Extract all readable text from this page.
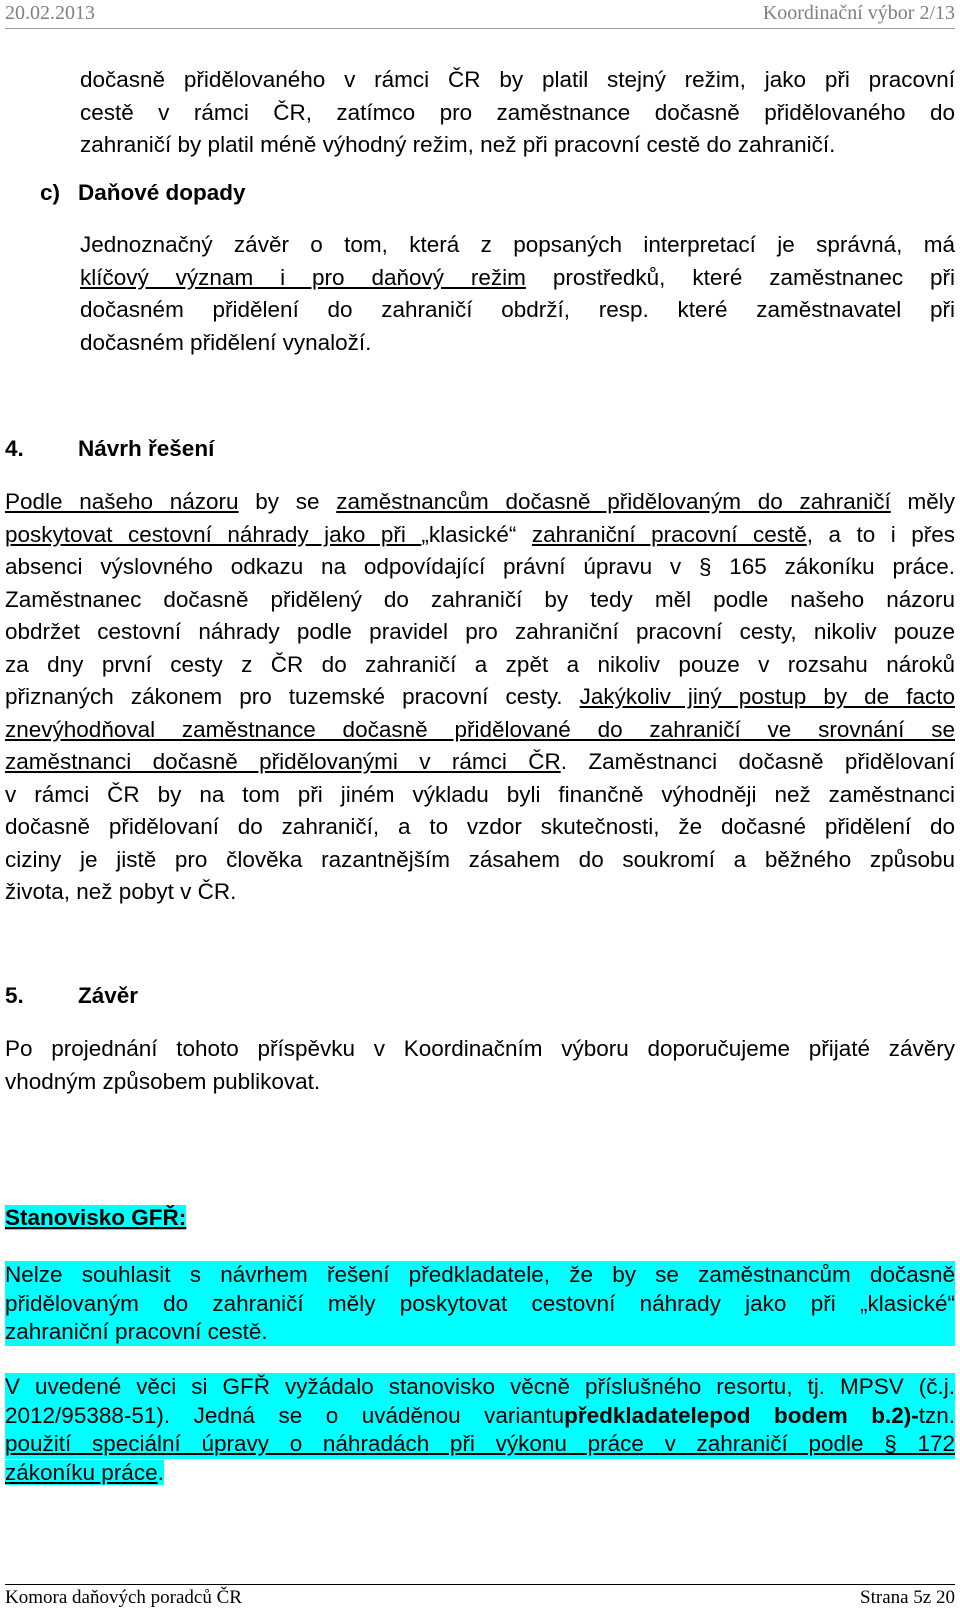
20.02.2013	Koordinační výbor 2/13

dočasně přidělovaného v rámci ČR by platil stejný režim, jako při pracovní

cestě v rámci ČR, zatímco pro zaměstnance dočasně přidělovaného do

zahraničí by platil méně výhodný režim, než při pracovní cestě do zahraničí.

c) Daňové dopady

Jednoznačný závěr o tom, která z popsaných interpretací je správná, má

klíčový význam i pro daňový režim prostředků, které zaměstnanec při

dočasném přidělení do zahraničí obdrží, resp. které zaměstnavatel při

dočasném přidělení vynaloží.

4. Návrh řešení

Podle našeho názoru by se zaměstnancům dočasně přidělovaným do zahraničí měly

poskytovat cestovní náhrady jako při „klasické“ zahraniční pracovní cestě, a to i přes

absenci výslovného odkazu na odpovídající právní úpravu v § 165 zákoníku práce.

Zaměstnanec dočasně přidělený do zahraničí by tedy měl podle našeho názoru

obdržet cestovní náhrady podle pravidel pro zahraniční pracovní cesty, nikoliv pouze

za dny první cesty z ČR do zahraničí a zpět a nikoliv pouze v rozsahu nároků

přiznaných zákonem pro tuzemské pracovní cesty. Jakýkoliv jiný postup by de facto

znevýhodňoval zaměstnance dočasně přidělované do zahraničí ve srovnání se

zaměstnanci dočasně přidělovanými v rámci ČR. Zaměstnanci dočasně přidělovaní

v rámci ČR by na tom při jiném výkladu byli finančně výhodněji než zaměstnanci

dočasně přidělovaní do zahraničí, a to vzdor skutečnosti, že dočasné přidělení do

ciziny je jistě pro člověka razantnějším zásahem do soukromí a běžného způsobu

života, než pobyt v ČR.

5. Závěr

Po projednání tohoto příspěvku v Koordinačním výboru doporučujeme přijaté závěry

vhodným způsobem publikovat.

Stanovisko GFŘ:

Nelze souhlasit s návrhem řešení předkladatele, že by se zaměstnancům dočasně

přidělovaným do zahraničí měly poskytovat cestovní náhrady jako při „klasické“

zahraniční pracovní cestě.

V uvedené věci si GFŘ vyžádalo stanovisko věcně příslušného resortu, tj. MPSV (č.j.

2012/95388-51). Jedná se o uváděnou variantupředkladatelepod bodem b.2)-tzn.

použití speciální úpravy o náhradách při výkonu práce v zahraničí podle § 172

zákoníku práce.

Komora daňových poradců ČR	Strana 5z 20
